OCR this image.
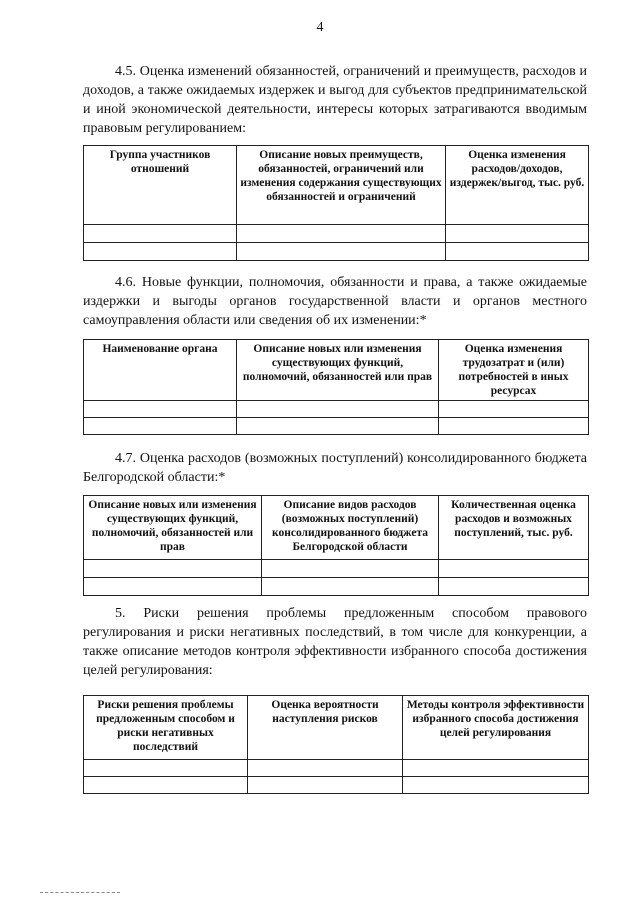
4

4.5. Оценка изменений обязанностей, ограничений и преимуществ, расходов и доходов, а также ожидаемых издержек и выгод для субъектов предпринимательской и иной экономической деятельности, интересы которых затрагиваются вводимым правовым регулированием:

Группа участников отношений	Описание новых преимуществ, обязанностей, ограничений или изменения содержания существующих обязанностей и ограничений	Оценка изменения расходов/доходов, издержек/выгод, тыс. руб.

4.6. Новые функции, полномочия, обязанности и права, а также ожидаемые издержки и выгоды органов государственной власти и органов местного самоуправления области или сведения об их изменении:*

Наименование органа	Описание новых или изменения существующих функций, полномочий, обязанностей или прав	Оценка изменения трудозатрат и (или) потребностей в иных ресурсах

4.7. Оценка расходов (возможных поступлений) консолидированного бюджета Белгородской области:*

Описание новых или изменения существующих функций, полномочий, обязанностей или прав	Описание видов расходов (возможных поступлений) консолидированного бюджета Белгородской области	Количественная оценка расходов и возможных поступлений, тыс. руб.

5. Риски решения проблемы предложенным способом правового регулирования и риски негативных последствий, в том числе для конкуренции, а также описание методов контроля эффективности избранного способа достижения целей регулирования:

Риски решения проблемы предложенным способом и риски негативных последствий	Оценка вероятности наступления рисков	Методы контроля эффективности избранного способа достижения целей регулирования
